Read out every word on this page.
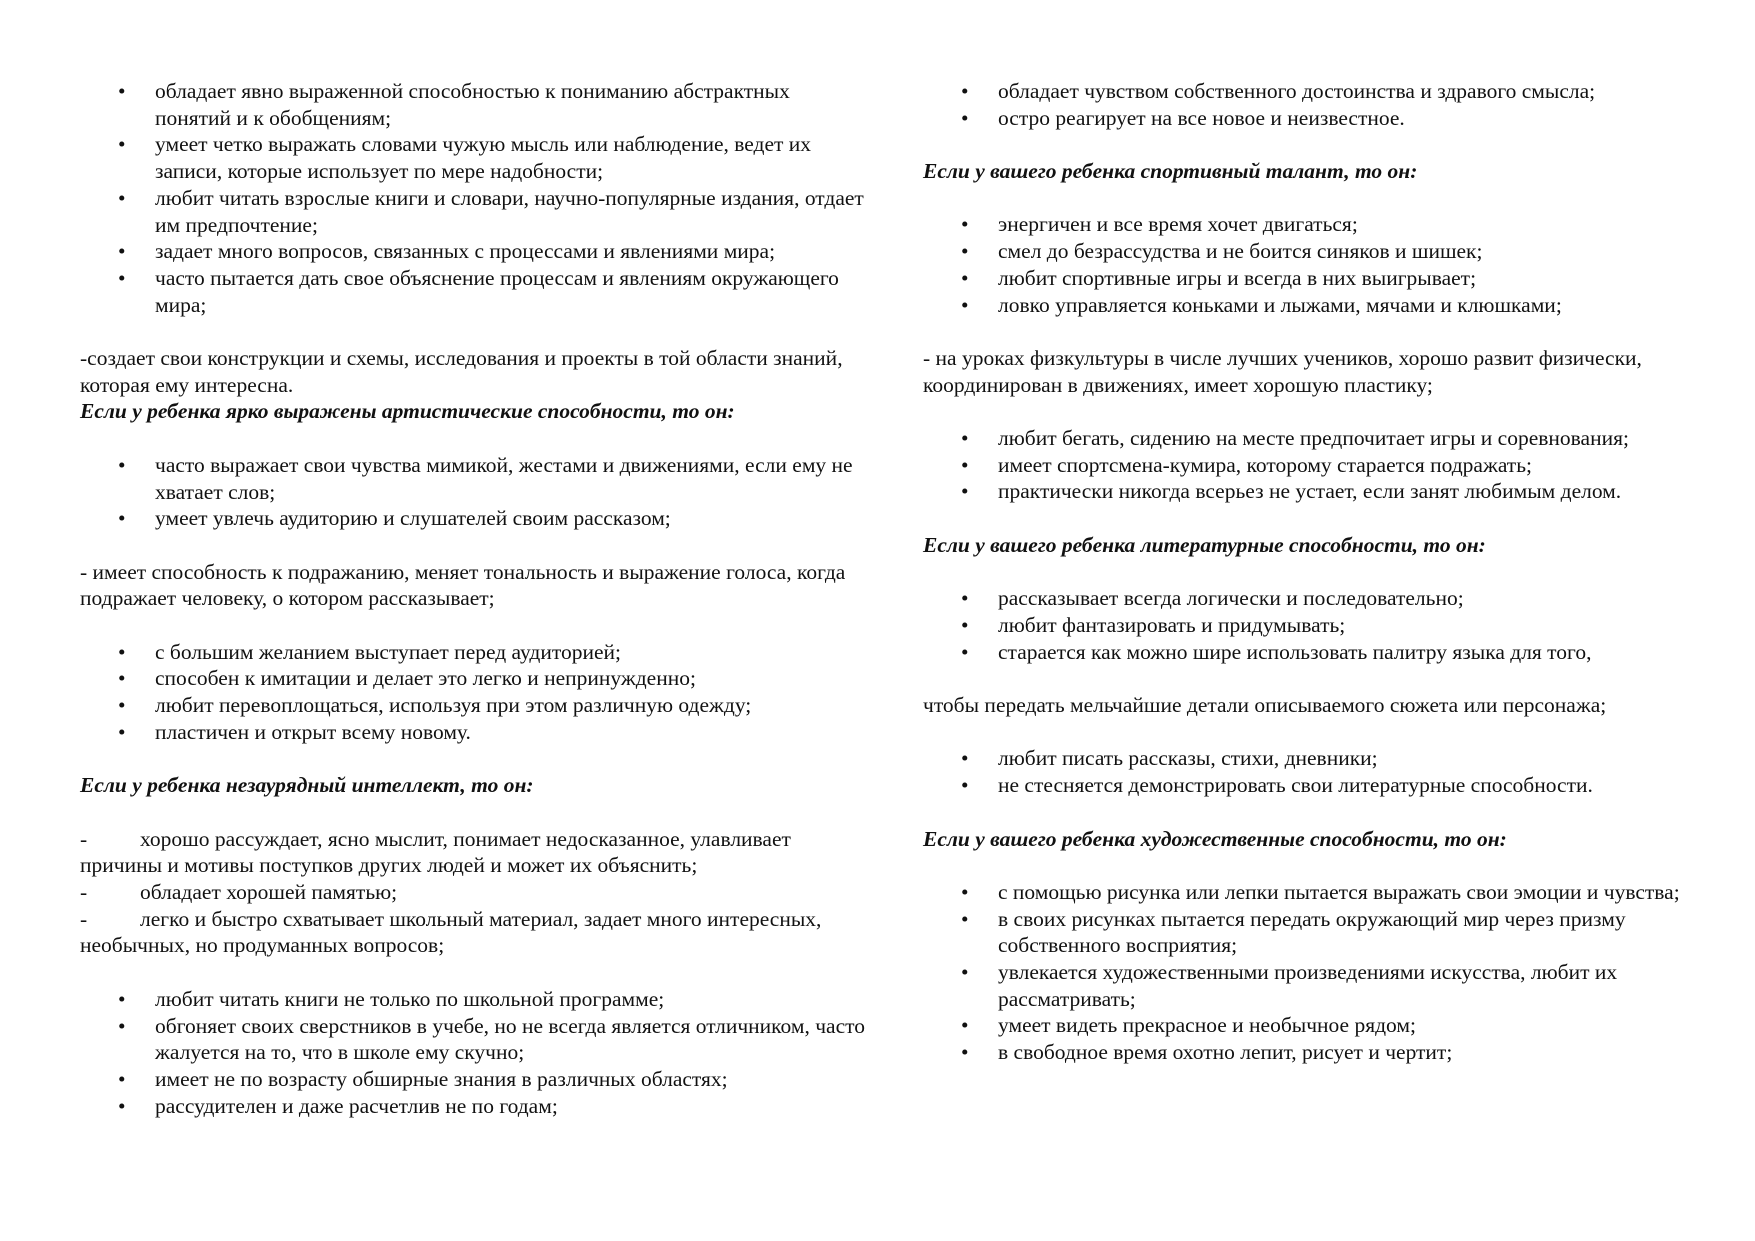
• обладает явно выраженной способностью к пониманию абстрактных понятий и к обобщениям;
• умеет четко выражать словами чужую мысль или наблюдение, ведет их записи, которые использует по мере надобности;
• любит читать взрослые книги и словари, научно-популярные издания, отдает им предпочтение;
• задает много вопросов, связанных с процессами и явлениями мира;
• часто пытается дать свое объяснение процессам и явлениям окружающего мира;

-создает свои конструкции и схемы, исследования и проекты в той области знаний, которая ему интересна.

Если у ребенка ярко выражены артистические способности, то он:

• часто выражает свои чувства мимикой, жестами и движениями, если ему не хватает слов;
• умеет увлечь аудиторию и слушателей своим рассказом;

- имеет способность к подражанию, меняет тональность и выражение голоса, когда подражает человеку, о котором рассказывает;

• с большим желанием выступает перед аудиторией;
• способен к имитации и делает это легко и непринужденно;
• любит перевоплощаться, используя при этом различную одежду;
• пластичен и открыт всему новому.

Если у ребенка незаурядный интеллект, то он:

- хорошо рассуждает, ясно мыслит, понимает недосказанное, улавливает причины и мотивы поступков других людей и может их объяснить;

- обладает хорошей памятью;

- легко и быстро схватывает школьный материал, задает много интересных, необычных, но продуманных вопросов;

• любит читать книги не только по школьной программе;
• обгоняет своих сверстников в учебе, но не всегда является отличником, часто жалуется на то, что в школе ему скучно;
• имеет не по возрасту обширные знания в различных областях;
• рассудителен и даже расчетлив не по годам;
• обладает чувством собственного достоинства и здравого смысла;
• остро реагирует на все новое и неизвестное.

Если у вашего ребенка спортивный талант, то он:

• энергичен и все время хочет двигаться;
• смел до безрассудства и не боится синяков и шишек;
• любит спортивные игры и всегда в них выигрывает;
• ловко управляется коньками и лыжами, мячами и клюшками;

- на уроках физкультуры в числе лучших учеников, хорошо развит физически, координирован в движениях, имеет хорошую пластику;

• любит бегать, сидению на месте предпочитает игры и соревнования;
• имеет спортсмена-кумира, которому старается подражать;
• практически никогда всерьез не устает, если занят любимым делом.

Если у вашего ребенка литературные способности, то он:

• рассказывает всегда логически и последовательно;
• любит фантазировать и придумывать;
• старается как можно шире использовать палитру языка для того,

чтобы передать мельчайшие детали описываемого сюжета или персонажа;

• любит писать рассказы, стихи, дневники;
• не стесняется демонстрировать свои литературные способности.

Если у вашего ребенка художественные способности, то он:

• с помощью рисунка или лепки пытается выражать свои эмоции и чувства;
• в своих рисунках пытается передать окружающий мир через призму собственного восприятия;
• увлекается художественными произведениями искусства, любит их рассматривать;
• умеет видеть прекрасное и необычное рядом;
• в свободное время охотно лепит, рисует и чертит;
